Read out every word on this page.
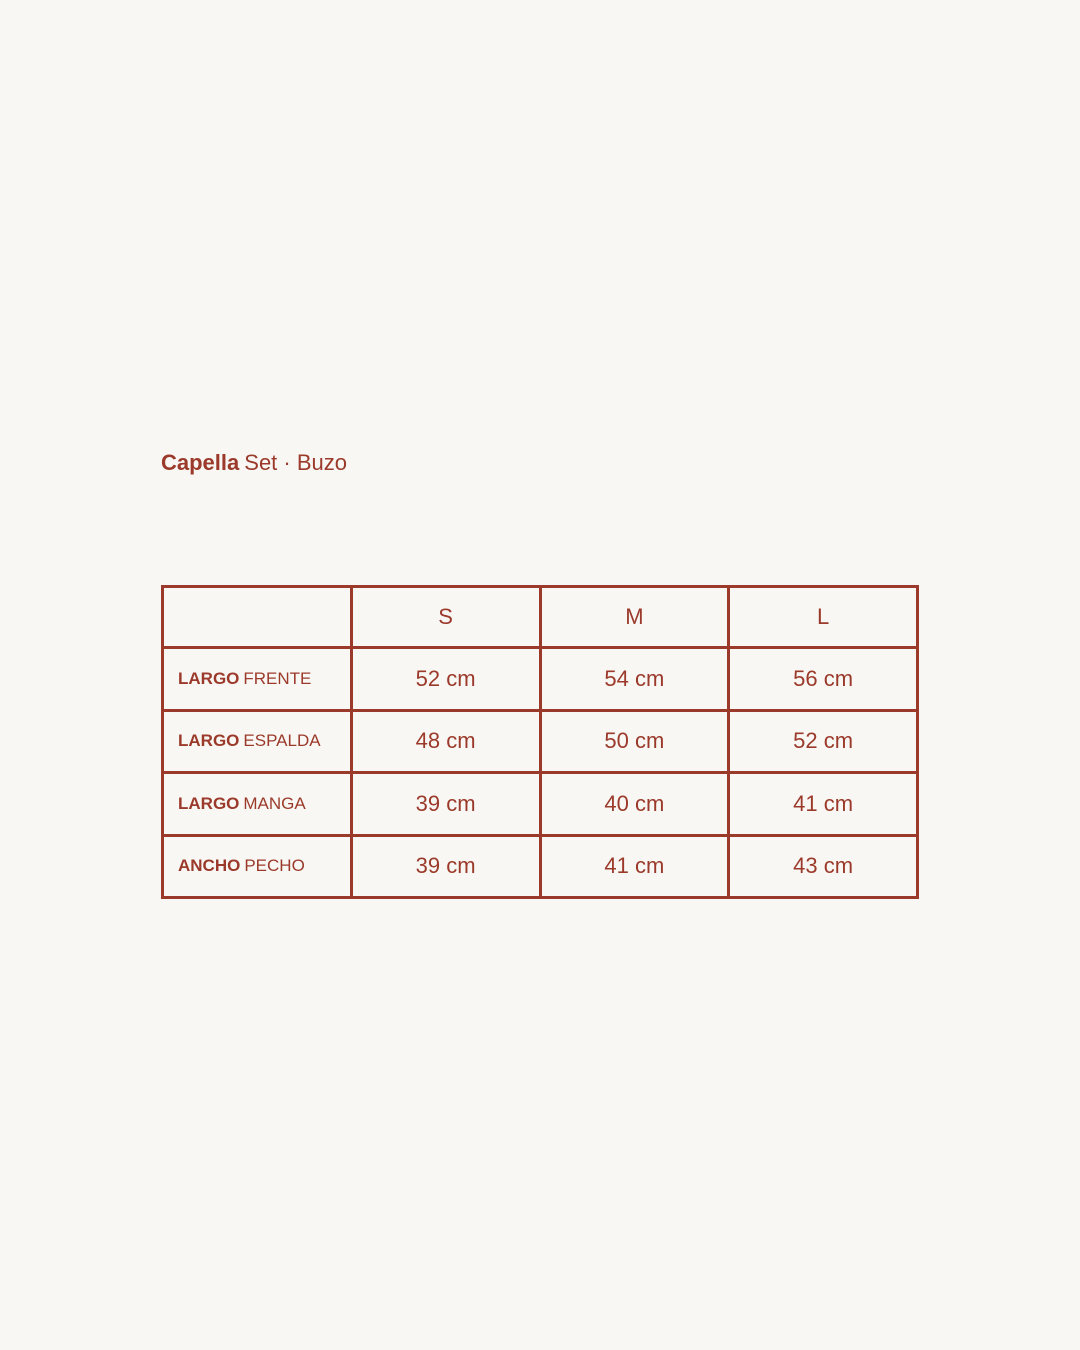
Capella Set · Buzo
	S	M	L
LARGO FRENTE	52 cm	54 cm	56 cm
LARGO ESPALDA	48 cm	50 cm	52 cm
LARGO MANGA	39 cm	40 cm	41 cm
ANCHO PECHO	39 cm	41 cm	43 cm
